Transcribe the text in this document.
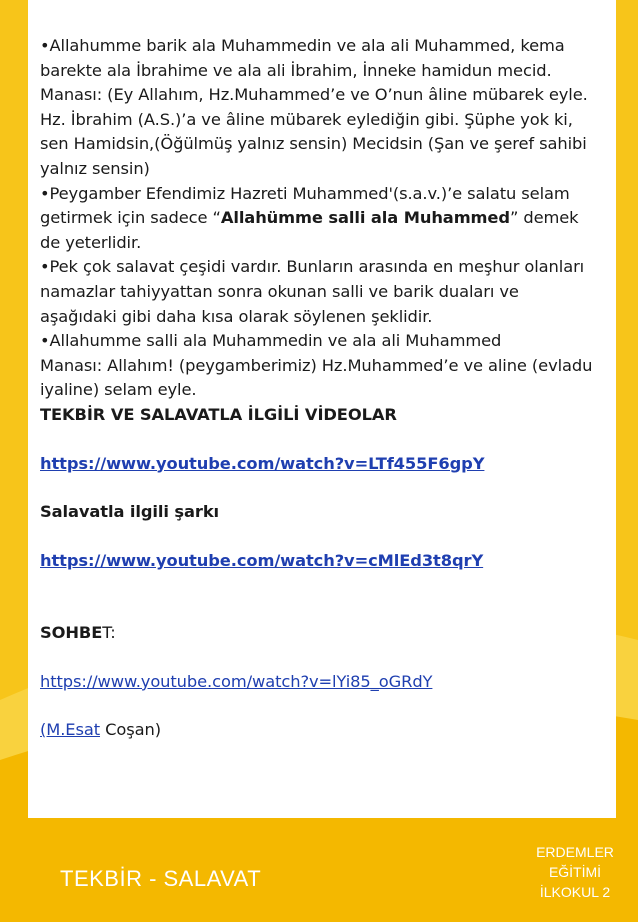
•Allahumme barik ala Muhammedin ve ala ali Muhammed, kema barekte ala İbrahime ve ala ali İbrahim, İnneke hamidun mecid.

Manası: (Ey Allahım, Hz.Muhammed’e ve O’nun âline mübarek eyle. Hz. İbrahim (A.S.)’a ve âline mübarek eylediğin gibi. Şüphe yok ki, sen Hamidsin,(Öğülmüş yalnız sensin) Mecidsin (Şan ve şeref sahibi yalnız sensin)

•Peygamber Efendimiz Hazreti Muhammed'(s.a.v.)’e salatu selam getirmek için sadece “Allahümme salli ala Muhammed” demek de yeterlidir.

•Pek çok salavat çeşidi vardır. Bunların arasında en meşhur olanları namazlar tahiyyattan sonra okunan salli ve barik duaları ve aşağıdaki gibi daha kısa olarak söylenen şeklidir.

•Allahumme salli ala Muhammedin ve ala ali Muhammed

Manası: Allahım! (peygamberimiz) Hz.Muhammed’e ve aline (evladu iyaline) selam eyle.

TEKBİR VE SALAVATLA İLGİLİ VİDEOLAR

https://www.youtube.com/watch?v=LTf455F6gpY

Salavatla ilgili şarkı

https://www.youtube.com/watch?v=cMlEd3t8qrY

SOHBET:

https://www.youtube.com/watch?v=lYi85_oGRdY

(M.Esat Coşan)

TEKBİR - SALAVAT
ERDEMLER
EĞİTİMİ
İLKOKUL 2
